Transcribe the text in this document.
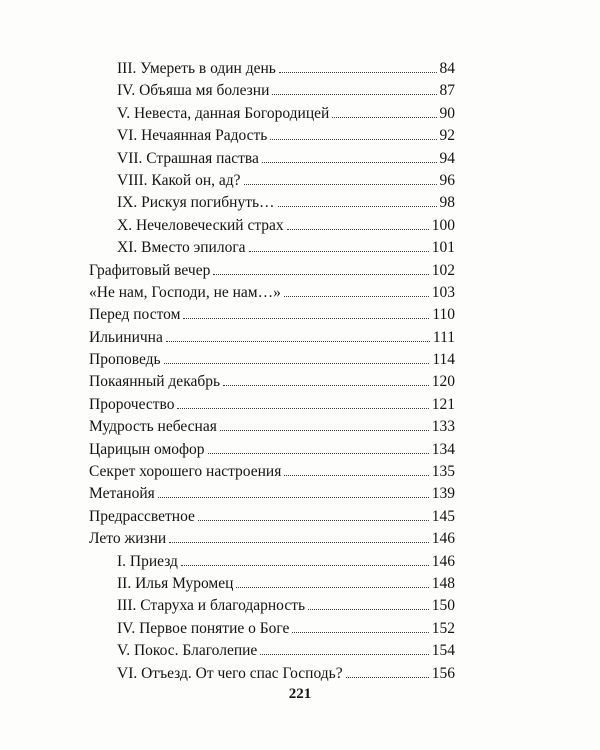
III. Умереть в один день	84
IV. Объяша мя болезни	87
V. Невеста, данная Богородицей	90
VI. Нечаянная Радость	92
VII. Страшная паства	94
VIII. Какой он, ад?	96
IX. Рискуя погибнуть…	98
X. Нечеловеческий страх	100
XI. Вместо эпилога	101
Графитовый вечер	102
«Не нам, Господи, не нам…»	103
Перед постом	110
Ильинична	111
Проповедь	114
Покаянный декабрь	120
Пророчество	121
Мудрость небесная	133
Царицын омофор	134
Секрет хорошего настроения	135
Метанойя	139
Предрассветное	145
Лето жизни	146
I. Приезд	146
II. Илья Муромец	148
III. Старуха и благодарность	150
IV. Первое понятие о Боге	152
V. Покос. Благолепие	154
VI. Отъезд. От чего спас Господь?	156
221
